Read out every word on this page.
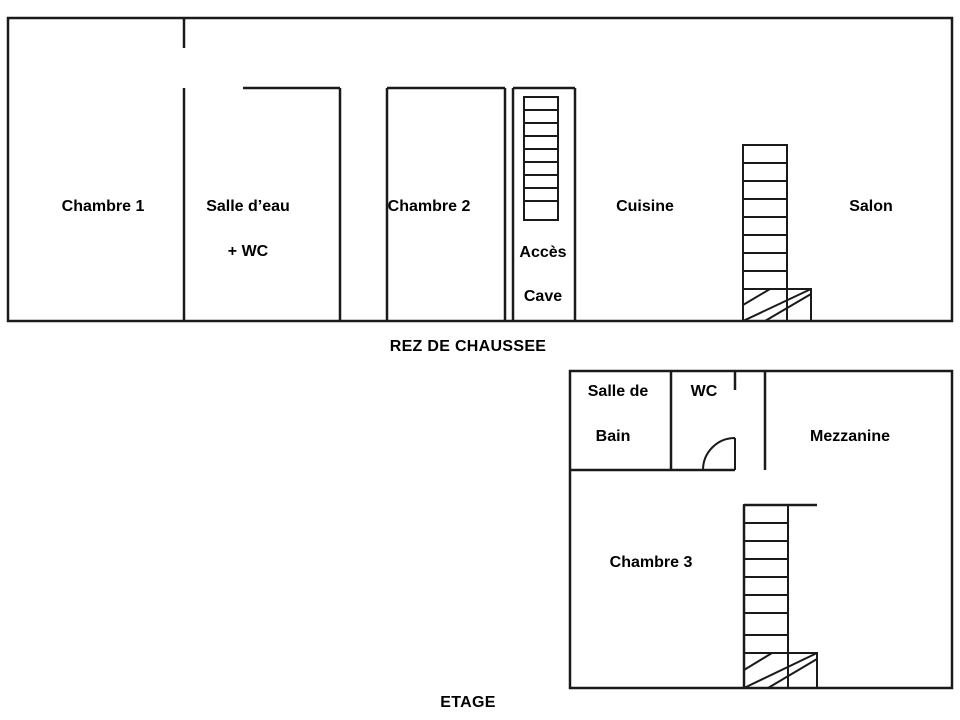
Chambre 1	Salle d’eau
+ WC
Chambre 2
Accès
Cave
Cuisine	Salon
REZ DE CHAUSSEE
Salle de
Bain
WC
Mezzanine
Chambre 3
ETAGE
